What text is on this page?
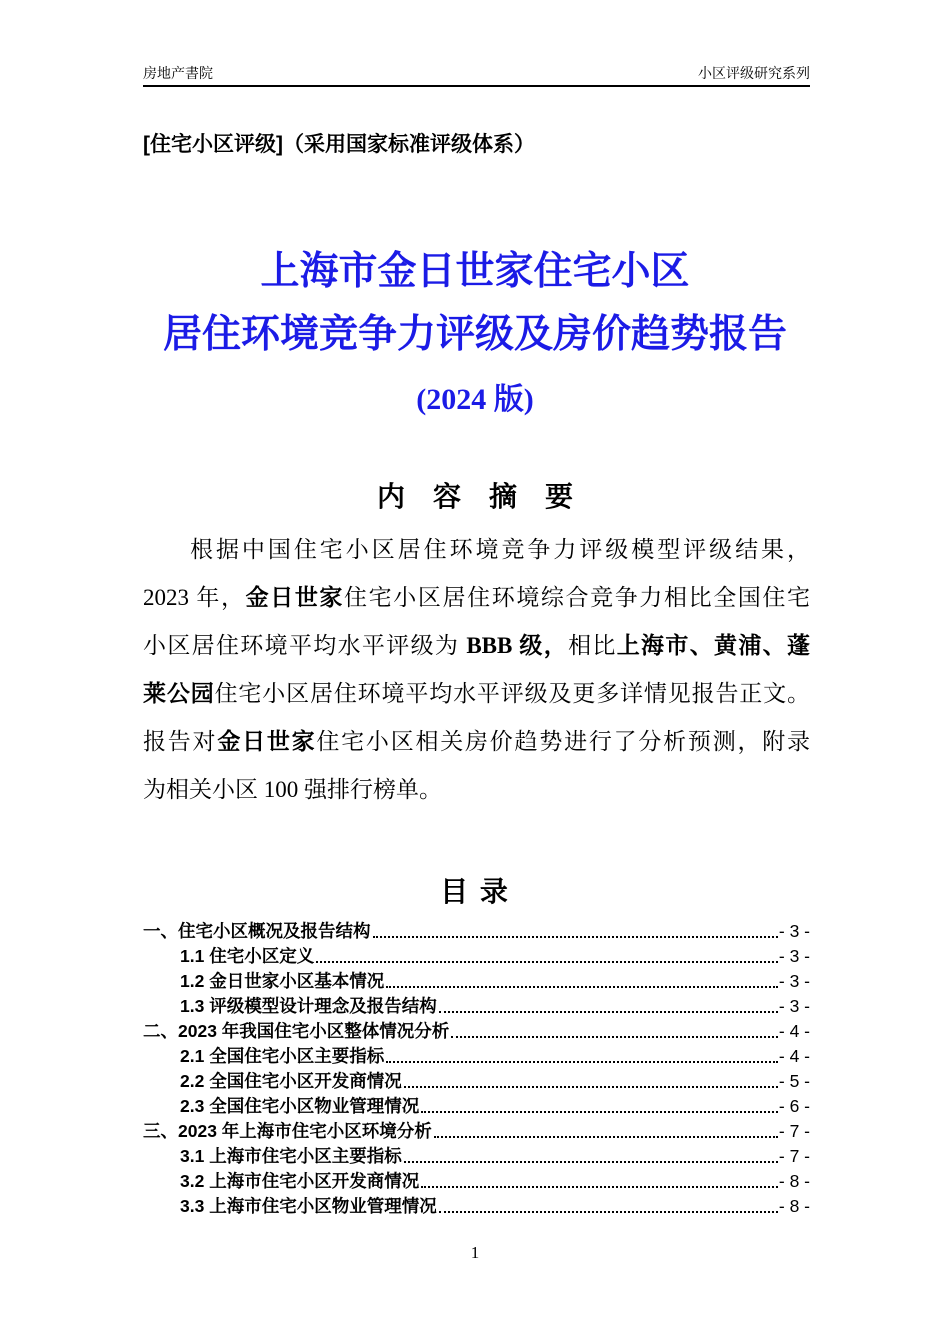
房地产書院	小区评级研究系列
[住宅小区评级]（采用国家标准评级体系）
上海市金日世家住宅小区
居住环境竞争力评级及房价趋势报告
(2024 版)
内　容　摘　要
根据中国住宅小区居住环境竞争力评级模型评级结果，
2023 年，金日世家住宅小区居住环境综合竞争力相比全国住宅
小区居住环境平均水平评级为 BBB 级，相比上海市、黄浦、蓬
莱公园住宅小区居住环境平均水平评级及更多详情见报告正文。
报告对金日世家住宅小区相关房价趋势进行了分析预测，附录
为相关小区 100 强排行榜单。
目 录
一、住宅小区概况及报告结构	- 3 -
1.1 住宅小区定义	- 3 -
1.2 金日世家小区基本情况	- 3 -
1.3 评级模型设计理念及报告结构	- 3 -
二、2023 年我国住宅小区整体情况分析	- 4 -
2.1 全国住宅小区主要指标	- 4 -
2.2 全国住宅小区开发商情况	- 5 -
2.3 全国住宅小区物业管理情况	- 6 -
三、2023 年上海市住宅小区环境分析	- 7 -
3.1 上海市住宅小区主要指标	- 7 -
3.2 上海市住宅小区开发商情况	- 8 -
3.3 上海市住宅小区物业管理情况	- 8 -
1
